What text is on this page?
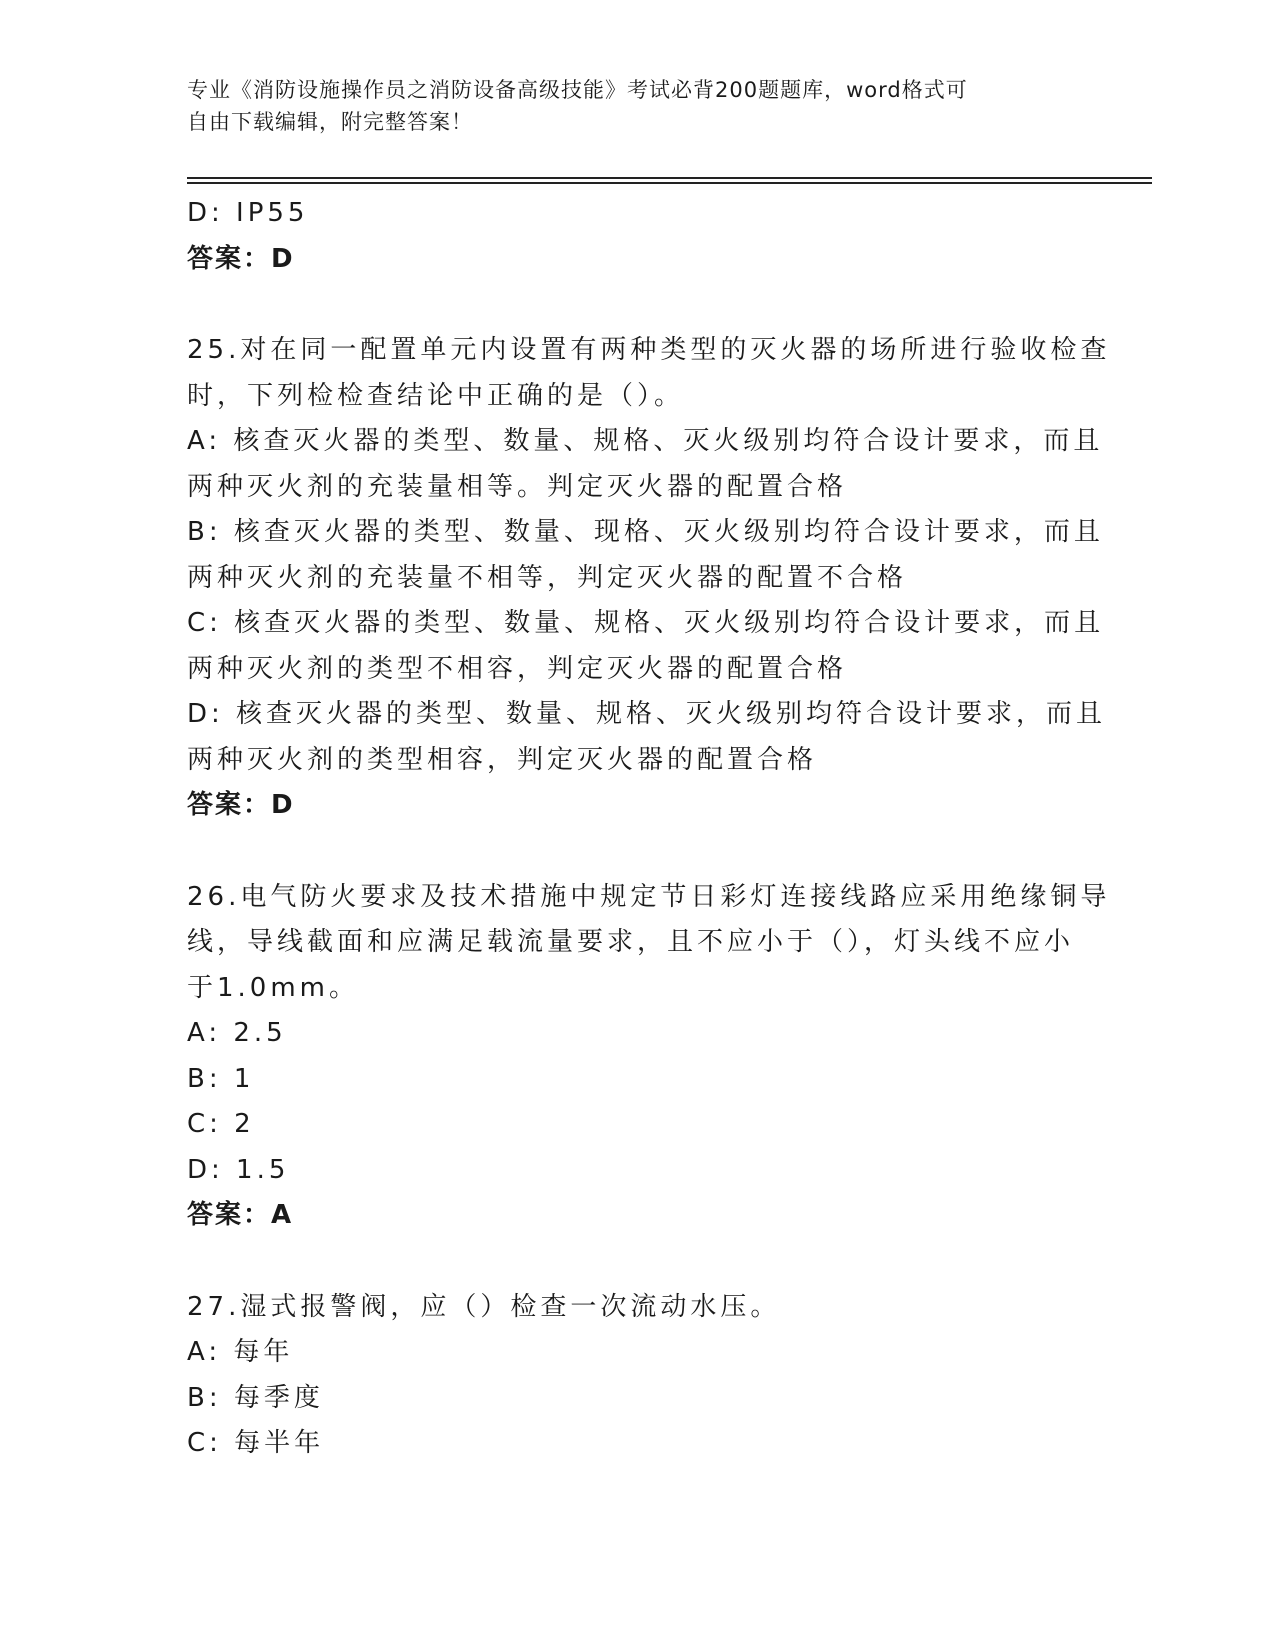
专业《消防设施操作员之消防设备高级技能》考试必背200题题库，word格式可
自由下载编辑，附完整答案！
D: IP55
答案：D
25.对在同一配置单元内设置有两种类型的灭火器的场所进行验收检查
时，下列检检查结论中正确的是（）。
A: 核查灭火器的类型、数量、规格、灭火级别均符合设计要求，而且
两种灭火剂的充装量相等。判定灭火器的配置合格
B: 核查灭火器的类型、数量、现格、灭火级别均符合设计要求，而且
两种灭火剂的充装量不相等，判定灭火器的配置不合格
C: 核查灭火器的类型、数量、规格、灭火级别均符合设计要求，而且
两种灭火剂的类型不相容，判定灭火器的配置合格
D: 核查灭火器的类型、数量、规格、灭火级别均符合设计要求，而且
两种灭火剂的类型相容，判定灭火器的配置合格
答案：D
26.电气防火要求及技术措施中规定节日彩灯连接线路应采用绝缘铜导
线，导线截面和应满足载流量要求，且不应小于（），灯头线不应小
于1.0mm。
A: 2.5
B: 1
C: 2
D: 1.5
答案：A
27.湿式报警阀，应（）检查一次流动水压。
A: 每年
B: 每季度
C: 每半年
